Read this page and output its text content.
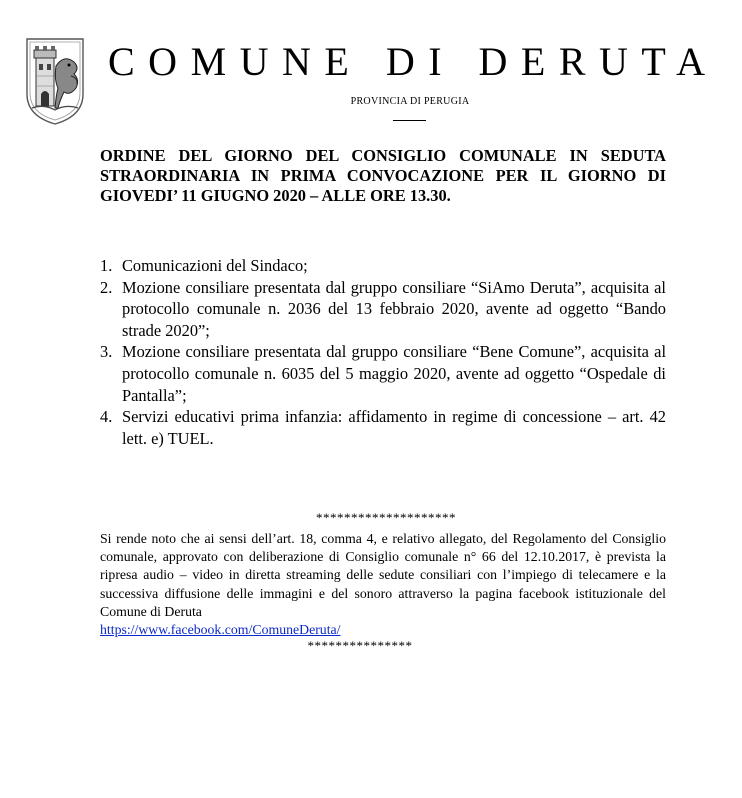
COMUNE DI DERUTA
PROVINCIA DI PERUGIA
ORDINE DEL GIORNO DEL CONSIGLIO COMUNALE IN SEDUTA STRAORDINARIA IN PRIMA CONVOCAZIONE PER IL GIORNO DI GIOVEDI’ 11 GIUGNO 2020 – ALLE ORE 13.30.
1. Comunicazioni del Sindaco;
2. Mozione consiliare presentata dal gruppo consiliare “SiAmo Deruta”, acquisita al protocollo comunale n. 2036 del 13 febbraio 2020, avente ad oggetto “Bando strade 2020”;
3. Mozione consiliare presentata dal gruppo consiliare “Bene Comune”, acquisita al protocollo comunale n. 6035 del 5 maggio 2020, avente ad oggetto “Ospedale di Pantalla”;
4. Servizi educativi prima infanzia: affidamento in regime di concessione – art. 42 lett. e) TUEL.
********************
Si rende noto che ai sensi dell’art. 18, comma 4, e relativo allegato, del Regolamento del Consiglio comunale, approvato con deliberazione di Consiglio comunale n° 66 del 12.10.2017, è prevista la ripresa audio – video in diretta streaming delle sedute consiliari con l’impiego di telecamere e la successiva diffusione delle immagini e del sonoro attraverso la pagina facebook istituzionale del Comune di Deruta
https://www.facebook.com/ComuneDeruta/
***************
